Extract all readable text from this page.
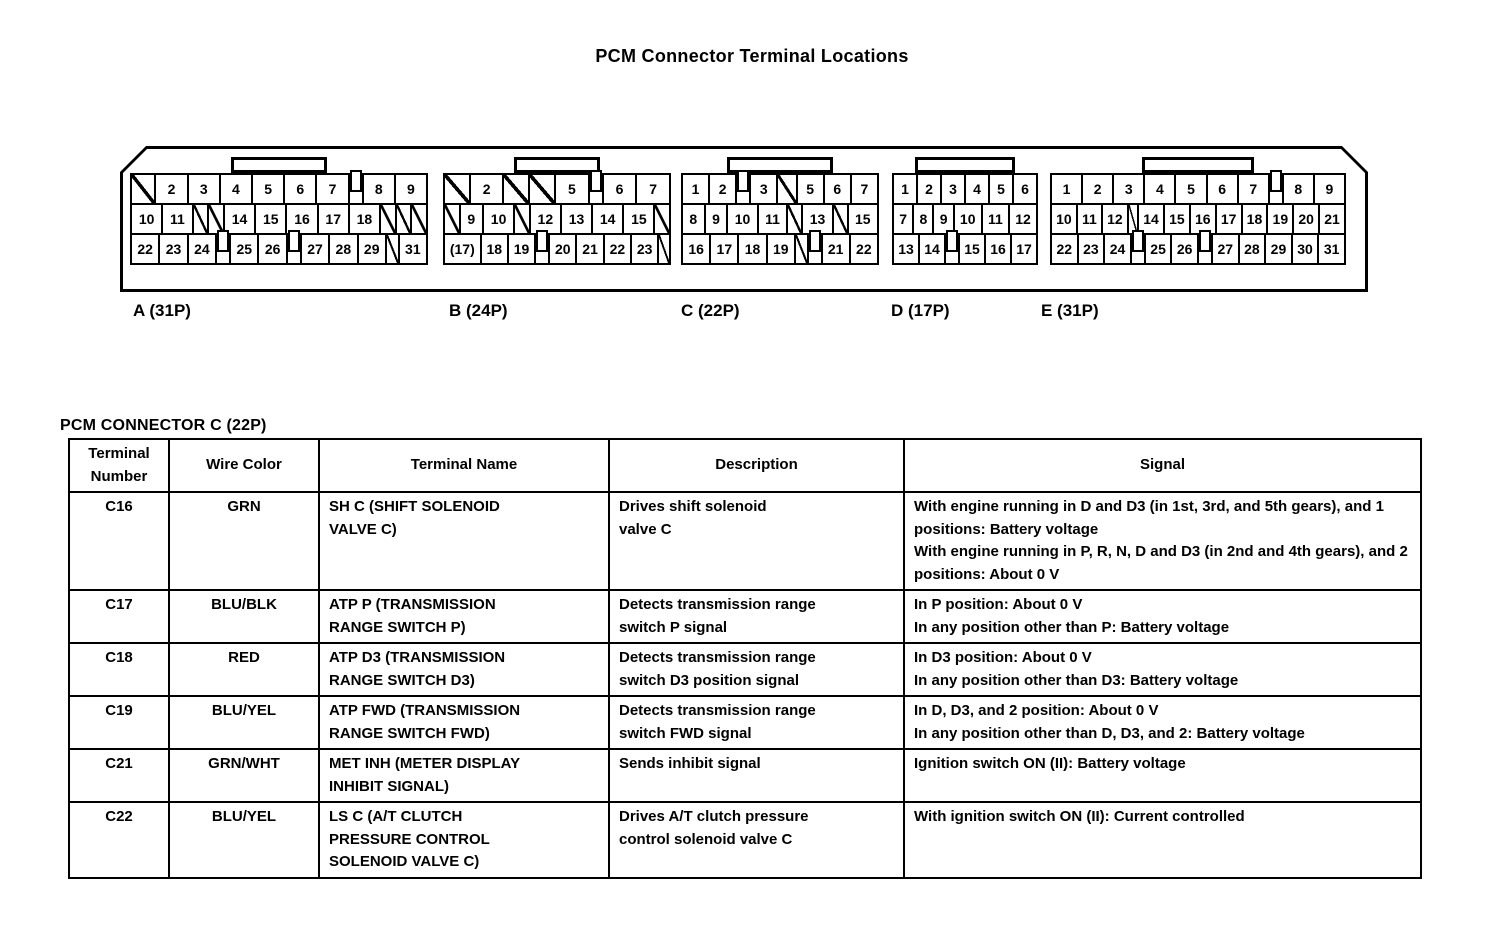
PCM Connector Terminal Locations
2	3	4	5	6	7	8	9
10	11	14	15	16	17	18
22 23 24	25 26	27 28 29	31
2	5	6	7
9	10	12	13	14	15
(17) 18 19	20 21 22 23
1	2	3	5	6	7
8	9	10	11	13	15
16 17 18 19	21 22
1	2	3	4	5	6
7 8 9 10 11 12
13 14	15 16 17
1	2	3	4	5	6	7	8	9
10 11 12	14 15 16 17 18 19 20 21
22 23 24	25 26	27 28 29 30 31
A (31P)	B (24P)	C (22P)	D (17P)	E (31P)
PCM CONNECTOR C (22P)
Terminal Number	Wire Color	Terminal Name	Description	Signal
C16	GRN	SH C (SHIFT SOLENOID
VALVE C)	Drives shift solenoid
valve C	With engine running in D and D3 (in 1st, 3rd, and 5th gears), and 1 positions: Battery voltage
With engine running in P, R, N, D and D3 (in 2nd and 4th gears), and 2 positions: About 0 V
C17	BLU/BLK	ATP P (TRANSMISSION
RANGE SWITCH P)	Detects transmission range
switch P signal	In P position: About 0 V
In any position other than P: Battery voltage
C18	RED	ATP D3 (TRANSMISSION
RANGE SWITCH D3)	Detects transmission range
switch D3 position signal	In D3 position: About 0 V
In any position other than D3: Battery voltage
C19	BLU/YEL	ATP FWD (TRANSMISSION
RANGE SWITCH FWD)	Detects transmission range
switch FWD signal	In D, D3, and 2 position: About 0 V
In any position other than D, D3, and 2: Battery voltage
C21	GRN/WHT	MET INH (METER DISPLAY
INHIBIT SIGNAL)	Sends inhibit signal	Ignition switch ON (II): Battery voltage
C22	BLU/YEL	LS C (A/T CLUTCH
PRESSURE CONTROL
SOLENOID VALVE C)	Drives A/T clutch pressure
control solenoid valve C	With ignition switch ON (II): Current controlled
